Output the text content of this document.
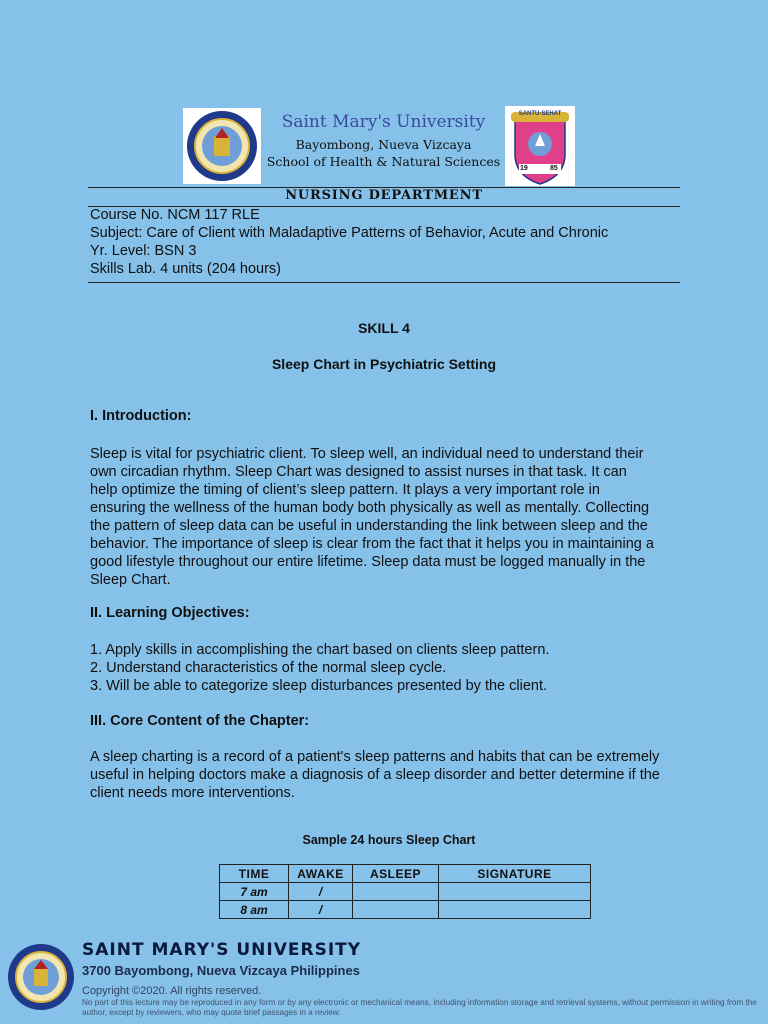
Saint Mary's University
Bayombong, Nueva Vizcaya
School of Health & Natural Sciences
SANTU-SEHAT
19	85
NURSING DEPARTMENT
Course No. NCM 117 RLE
Subject: Care of Client with Maladaptive Patterns of Behavior, Acute and Chronic
Yr. Level: BSN 3
Skills Lab. 4 units (204 hours)
SKILL 4
Sleep Chart in Psychiatric Setting
I. Introduction:
Sleep is vital for psychiatric client. To sleep well, an individual need to understand their
own circadian rhythm. Sleep Chart was designed to assist nurses in that task. It can
help optimize the timing of client’s sleep pattern. It plays a very important role in
ensuring the wellness of the human body both physically as well as mentally. Collecting
the pattern of sleep data can be useful in understanding the link between sleep and the
behavior. The importance of sleep is clear from the fact that it helps you in maintaining a
good lifestyle throughout our entire lifetime. Sleep data must be logged manually in the
Sleep Chart.
II. Learning Objectives:
1. Apply skills in accomplishing the chart based on clients sleep pattern.
2. Understand characteristics of the normal sleep cycle.
3. Will be able to categorize sleep disturbances presented by the client.
III. Core Content of the Chapter:
A sleep charting is a record of a patient's sleep patterns and habits that can be extremely
useful in helping doctors make a diagnosis of a sleep disorder and better determine if the
client needs more interventions.
Sample 24 hours Sleep Chart
TIME	AWAKE	ASLEEP	SIGNATURE
7 am	/		
8 am	/		
SAINT MARY'S UNIVERSITY
3700 Bayombong, Nueva Vizcaya Philippines
Copyright ©2020. All rights reserved.
No part of this lecture may be reproduced in any form or by any electronic or mechanical means, including information storage and retrieval systems, without permission in writing from the author, except by reviewers, who may quote brief passages in a review.
